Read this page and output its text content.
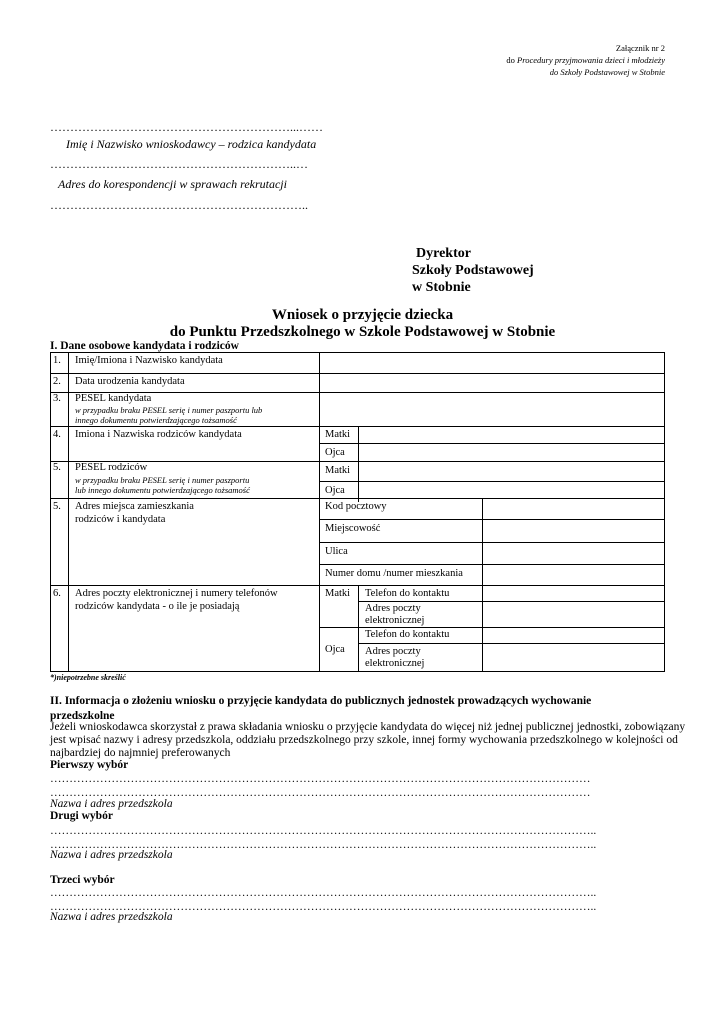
Załącznik nr 2
do Procedury przyjmowania dzieci i młodzieży
do Szkoły Podstawowej w Stobnie
……………………………………………………...……
Imię i Nazwisko wnioskodawcy – rodzica kandydata
……………………………………………………..…
Adres do korespondencji w sprawach rekrutacji
………………………………………………………..
Dyrektor
Szkoły Podstawowej
w Stobnie
Wniosek o przyjęcie dziecka
do Punktu Przedszkolnego w Szkole Podstawowej w Stobnie
I. Dane osobowe kandydata i rodziców
1. Imię/Imiona i Nazwisko kandydata
2. Data urodzenia kandydata
3. PESEL kandydata
w przypadku braku PESEL serię i numer paszportu lub
innego dokumentu potwierdzającego tożsamość
4. Imiona i Nazwiska rodziców kandydata	Matki
Ojca
5. PESEL rodziców
w przypadku braku PESEL serię i numer paszportu
lub innego dokumentu potwierdzającego tożsamość
Matki
Ojca
5. Adres miejsca zamieszkania
rodziców i kandydata
Kod pocztowy
Miejscowość
Ulica
Numer domu /numer mieszkania
6. Adres poczty elektronicznej i numery telefonów
rodziców kandydata - o ile je posiadają
Matki
Ojca
Telefon do kontaktu
Adres poczty
elektronicznej
Telefon do kontaktu
Adres poczty
elektronicznej
*)niepotrzebne skreślić
II. Informacja o złożeniu wniosku o przyjęcie kandydata do publicznych jednostek prowadzących wychowanie
przedszkolne
Jeżeli wnioskodawca skorzystał z prawa składania wniosku o przyjęcie kandydata do więcej niż jednej publicznej jednostki, zobowiązany
jest wpisać nazwy i adresy przedszkola, oddziału przedszkolnego przy szkole, innej formy wychowania przedszkolnego w kolejności od
najbardziej do najmniej preferowanych
Pierwszy wybór
……………………………………………………………………………………………………………………………
……………………………………………………………………………………………………………………………
Nazwa i adres przedszkola
Drugi wybór
……………………………………………………………………………………………………………………………..
……………………………………………………………………………………………………………………………..
Nazwa i adres przedszkola
Trzeci wybór
……………………………………………………………………………………………………………………………..
……………………………………………………………………………………………………………………………..
Nazwa i adres przedszkola
